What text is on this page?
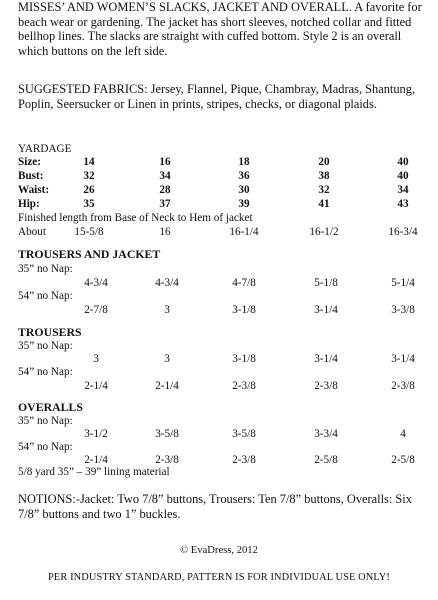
MISSES’ AND WOMEN’S SLACKS, JACKET AND OVERALL. A favorite for beach wear or gardening. The jacket has short sleeves, notched collar and fitted bellhop lines. The slacks are straight with cuffed bottom. Style 2 is an overall which buttons on the left side.

SUGGESTED FABRICS: Jersey, Flannel, Pique, Chambray, Madras, Shantung, Poplin, Seersucker or Linen in prints, stripes, checks, or diagonal plaids.

YARDAGE
Size:	14	16	18	20	40
Bust:	32	34	36	38	40
Waist:	26	28	30	32	34
Hip:	35	37	39	41	43
Finished length from Base of Neck to Hem of jacket
About	15-5/8	16	16-1/4	16-1/2	16-3/4
TROUSERS AND JACKET
35” no Nap:
4-3/4	4-3/4	4-7/8	5-1/8	5-1/4
54” no Nap:
2-7/8	3	3-1/8	3-1/4	3-3/8
TROUSERS
35” no Nap:
3	3	3-1/8	3-1/4	3-1/4
54” no Nap:
2-1/4	2-1/4	2-3/8	2-3/8	2-3/8
OVERALLS
35” no Nap:
3-1/2	3-5/8	3-5/8	3-3/4	4
54” no Nap:
2-1/4	2-3/8	2-3/8	2-5/8	2-5/8
5/8 yard 35” – 39” lining material

NOTIONS:-Jacket: Two 7/8” buttons, Trousers: Ten 7/8” buttons, Overalls: Six 7/8” buttons and two 1” buckles.

© EvaDress, 2012
PER INDUSTRY STANDARD, PATTERN IS FOR INDIVIDUAL USE ONLY!
